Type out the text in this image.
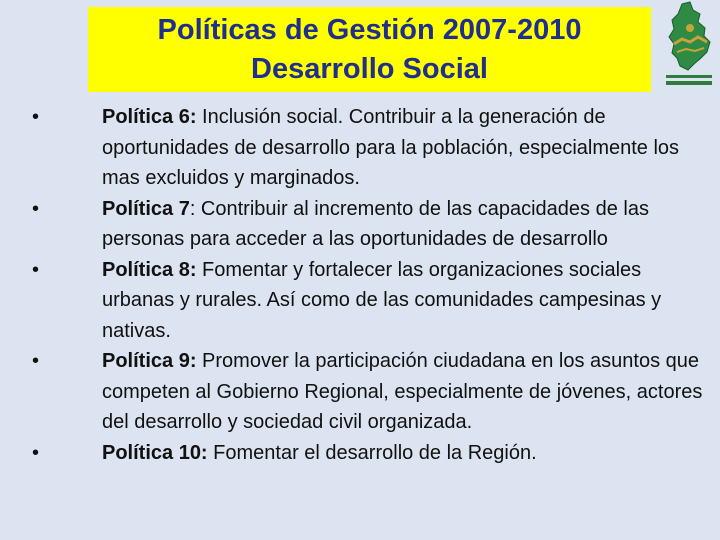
Políticas de Gestión 2007-2010
Desarrollo Social
•	Política 6: Inclusión social. Contribuir a la generación de oportunidades de desarrollo para la población, especialmente los mas excluidos y marginados.
•	Política 7: Contribuir al incremento de las capacidades de las personas para acceder a las oportunidades de desarrollo
•	Política 8: Fomentar y fortalecer las organizaciones sociales urbanas y rurales. Así como de las comunidades campesinas y nativas.
•	Política 9: Promover la participación ciudadana en los asuntos que competen al Gobierno Regional, especialmente de jóvenes, actores del desarrollo y sociedad civil organizada.
•	Política 10: Fomentar el desarrollo de la Región.
